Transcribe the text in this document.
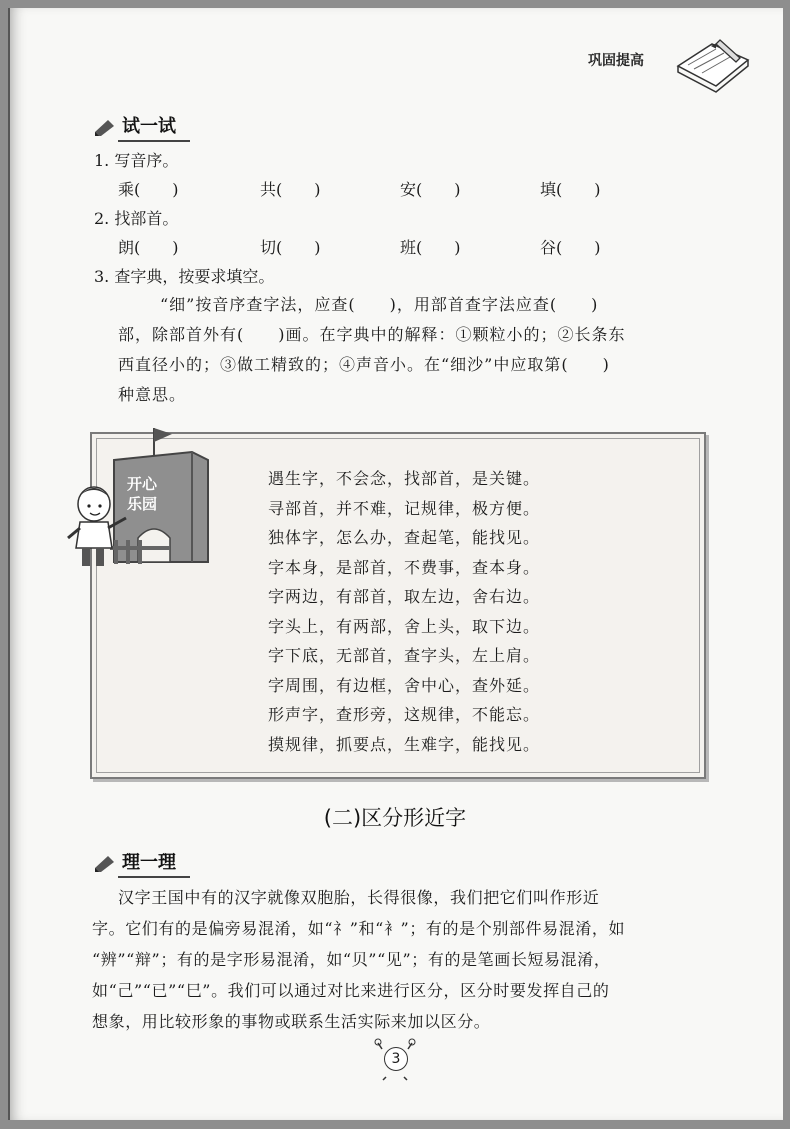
巩固提高
试一试
1. 写音序。
乘(　　)	共(　　)	安(　　)	填(　　)
2. 找部首。
朗(　　)	切(　　)	班(　　)	谷(　　)
3. 查字典，按要求填空。
“细”按音序查字法，应查(　　)，用部首查字法应查(　　)
部，除部首外有(　　)画。在字典中的解释：①颗粒小的；②长条东
西直径小的；③做工精致的；④声音小。在“细沙”中应取第(　　)
种意思。
开心
乐园
遇生字，不会念，找部首，是关键。
寻部首，并不难，记规律，极方便。
独体字，怎么办，查起笔，能找见。
字本身，是部首，不费事，查本身。
字两边，有部首，取左边，舍右边。
字头上，有两部，舍上头，取下边。
字下底，无部首，查字头，左上肩。
字周围，有边框，舍中心，查外延。
形声字，查形旁，这规律，不能忘。
摸规律，抓要点，生难字，能找见。
(二)区分形近字
理一理
汉字王国中有的汉字就像双胞胎，长得很像，我们把它们叫作形近
字。它们有的是偏旁易混淆，如“礻”和“衤”；有的是个别部件易混淆，如
“辨”“辩”；有的是字形易混淆，如“贝”“见”；有的是笔画长短易混淆，
如“己”“已”“巳”。我们可以通过对比来进行区分，区分时要发挥自己的
想象，用比较形象的事物或联系生活实际来加以区分。
3
